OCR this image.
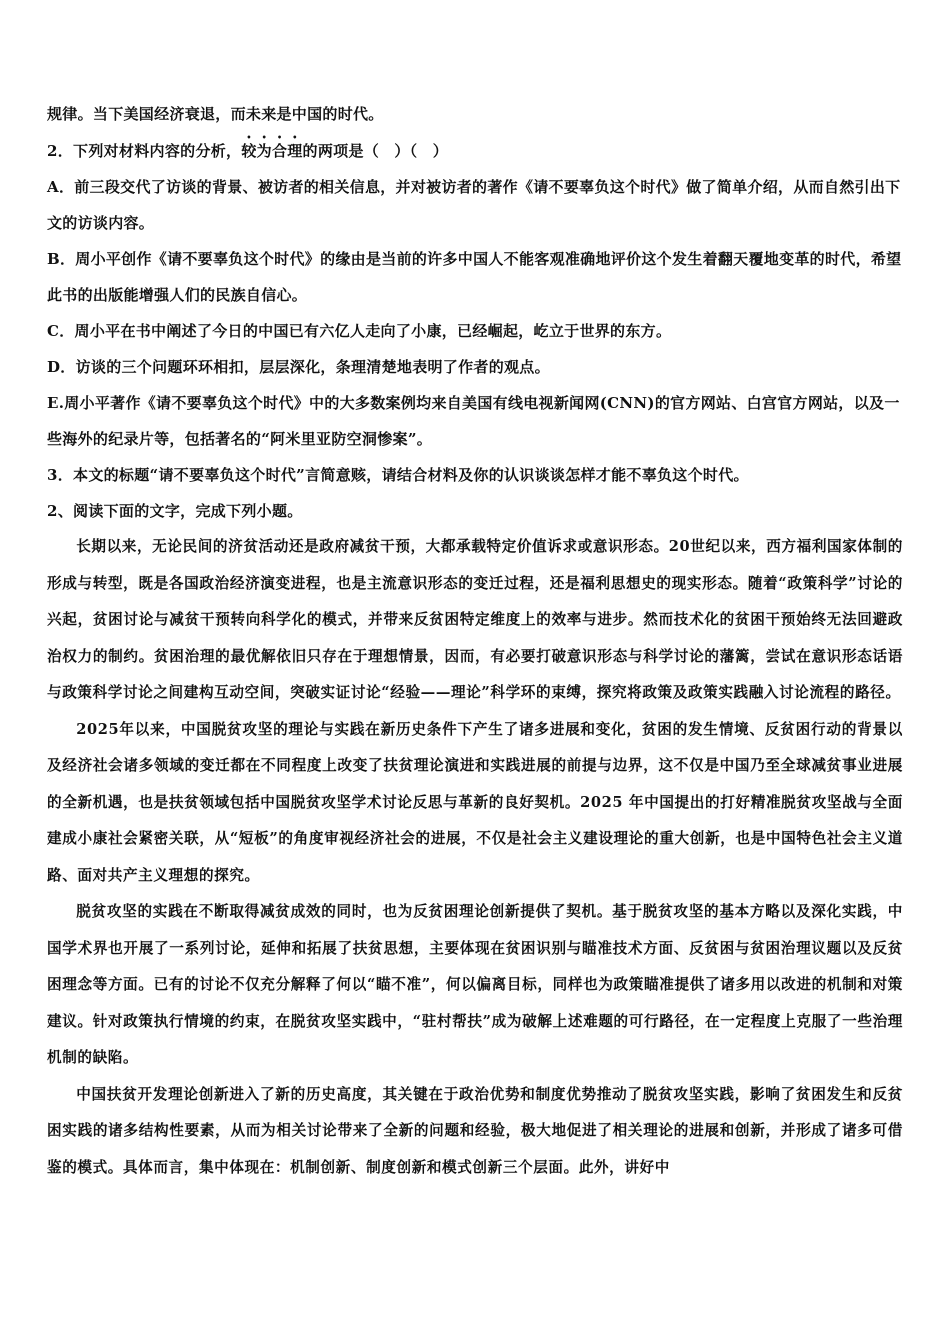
规律。当下美国经济衰退，而未来是中国的时代。

2．下列对材料内容的分析，较为合理的两项是（　）（　）

A．前三段交代了访谈的背景、被访者的相关信息，并对被访者的著作《请不要辜负这个时代》做了简单介绍，从而自然引出下文的访谈内容。

B．周小平创作《请不要辜负这个时代》的缘由是当前的许多中国人不能客观准确地评价这个发生着翻天覆地变革的时代，希望此书的出版能增强人们的民族自信心。

C．周小平在书中阐述了今日的中国已有六亿人走向了小康，已经崛起，屹立于世界的东方。

D．访谈的三个问题环环相扣，层层深化，条理清楚地表明了作者的观点。

E.周小平著作《请不要辜负这个时代》中的大多数案例均来自美国有线电视新闻网(CNN)的官方网站、白宫官方网站，以及一些海外的纪录片等，包括著名的“阿米里亚防空洞惨案”。

3．本文的标题“请不要辜负这个时代”言简意赅，请结合材料及你的认识谈谈怎样才能不辜负这个时代。

2、阅读下面的文字，完成下列小题。

长期以来，无论民间的济贫活动还是政府减贫干预，大都承载特定价值诉求或意识形态。20世纪以来，西方福利国家体制的形成与转型，既是各国政治经济演变进程，也是主流意识形态的变迁过程，还是福利思想史的现实形态。随着“政策科学”讨论的兴起，贫困讨论与减贫干预转向科学化的模式，并带来反贫困特定维度上的效率与进步。然而技术化的贫困干预始终无法回避政治权力的制约。贫困治理的最优解依旧只存在于理想情景，因而，有必要打破意识形态与科学讨论的藩篱，尝试在意识形态话语与政策科学讨论之间建构互动空间，突破实证讨论“经验——理论”科学环的束缚，探究将政策及政策实践融入讨论流程的路径。

2025年以来，中国脱贫攻坚的理论与实践在新历史条件下产生了诸多进展和变化，贫困的发生情境、反贫困行动的背景以及经济社会诸多领域的变迁都在不同程度上改变了扶贫理论演进和实践进展的前提与边界，这不仅是中国乃至全球减贫事业进展的全新机遇，也是扶贫领域包括中国脱贫攻坚学术讨论反思与革新的良好契机。2025 年中国提出的打好精准脱贫攻坚战与全面建成小康社会紧密关联，从“短板”的角度审视经济社会的进展，不仅是社会主义建设理论的重大创新，也是中国特色社会主义道路、面对共产主义理想的探究。

脱贫攻坚的实践在不断取得减贫成效的同时，也为反贫困理论创新提供了契机。基于脱贫攻坚的基本方略以及深化实践，中国学术界也开展了一系列讨论，延伸和拓展了扶贫思想，主要体现在贫困识别与瞄准技术方面、反贫困与贫困治理议题以及反贫困理念等方面。已有的讨论不仅充分解释了何以“瞄不准”，何以偏离目标，同样也为政策瞄准提供了诸多用以改进的机制和对策建议。针对政策执行情境的约束，在脱贫攻坚实践中，“驻村帮扶”成为破解上述难题的可行路径，在一定程度上克服了一些治理机制的缺陷。

中国扶贫开发理论创新进入了新的历史高度，其关键在于政治优势和制度优势推动了脱贫攻坚实践，影响了贫困发生和反贫困实践的诸多结构性要素，从而为相关讨论带来了全新的问题和经验，极大地促进了相关理论的进展和创新，并形成了诸多可借鉴的模式。具体而言，集中体现在：机制创新、制度创新和模式创新三个层面。此外，讲好中
